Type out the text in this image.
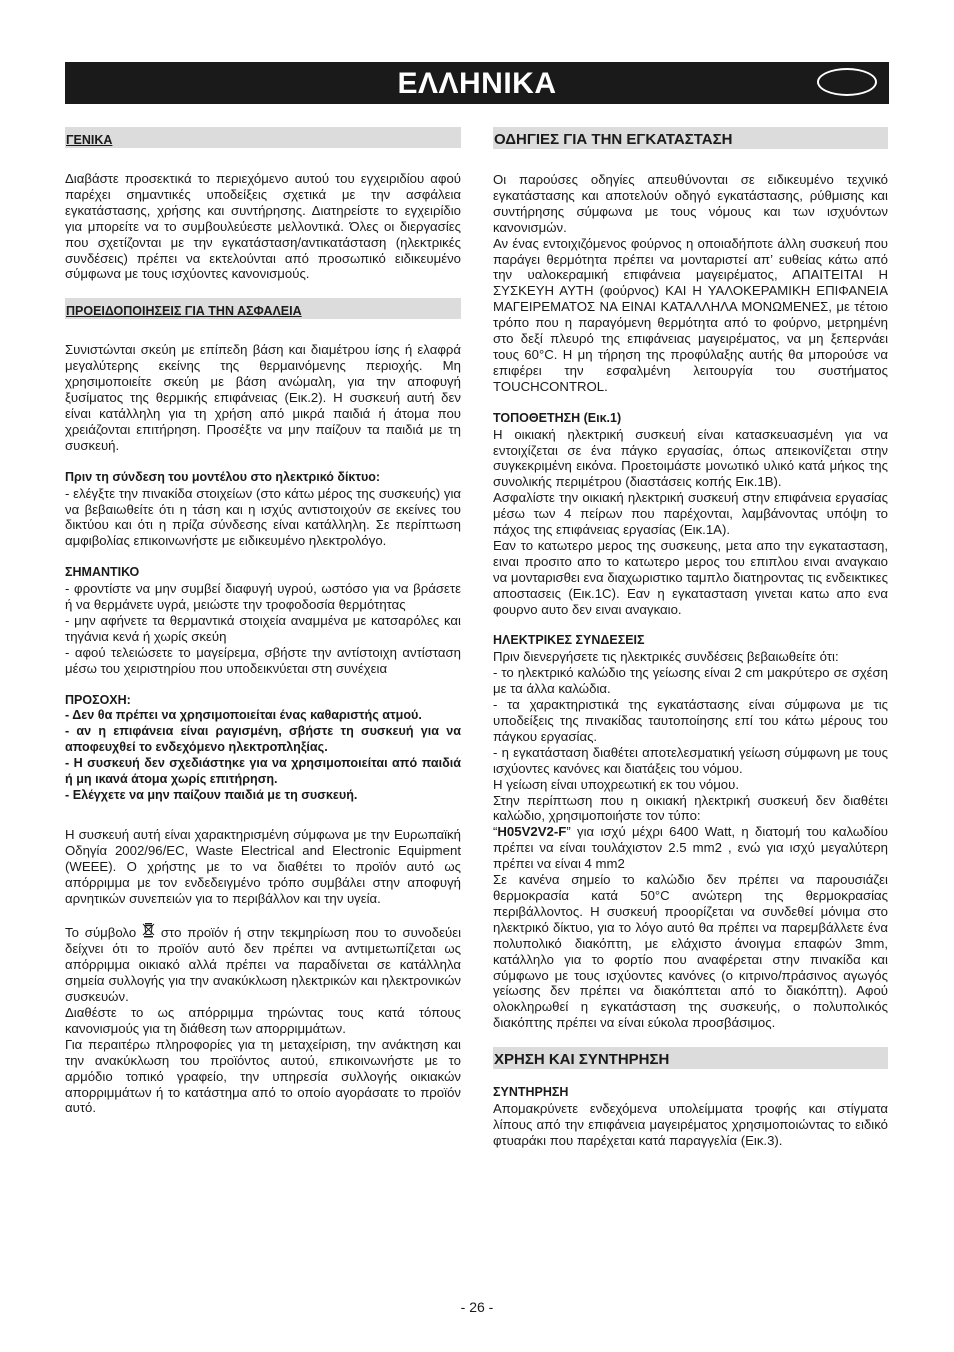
ΕΛΛΗΝΙΚΑ
ΓΕΝΙΚΑ

Διαβάστε προσεκτικά το περιεχόμενο αυτού του εγχειριδίου αφού παρέχει σημαντικές υποδείξεις σχετικά με την ασφάλεια εγκατάστασης, χρήσης και συντήρησης. Διατηρείστε το εγχειρίδιο για μπορείτε να το συμβουλεύεστε μελλοντικά. Όλες οι διεργασίες που σχετίζονται με την εγκατάσταση/αντικατάσταση (ηλεκτρικές συνδέσεις) πρέπει να εκτελούνται από προσωπικό ειδικευμένο σύμφωνα με τους ισχύοντες κανονισμούς.

ΠΡΟΕΙΔΟΠΟΙΗΣΕΙΣ ΓΙΑ ΤΗΝ ΑΣΦΑΛΕΙΑ

Συνιστώνται σκεύη με επίπεδη βάση και διαμέτρου ίσης ή ελαφρά μεγαλύτερης εκείνης της θερμαινόμενης περιοχής. Μη χρησιμοποιείτε σκεύη με βάση ανώμαλη, για την αποφυγή ξυσίματος της θερμικής επιφάνειας (Εικ.2). Η συσκευή αυτή δεν είναι κατάλληλη για τη χρήση από μικρά παιδιά ή άτομα που χρειάζονται επιτήρηση. Προσέξτε να μην παίζουν τα παιδιά με τη συσκευή.

Πριν τη σύνδεση του μοντέλου στο ηλεκτρικό δίκτυο:

- ελέγξτε την πινακίδα στοιχείων (στο κάτω μέρος της συσκευής) για να βεβαιωθείτε ότι η τάση και η ισχύς αντιστοιχούν σε εκείνες του δικτύου και ότι η πρίζα σύνδεσης είναι κατάλληλη. Σε περίπτωση αμφιβολίας επικοινωνήστε με ειδικευμένο ηλεκτρολόγο.

ΣΗΜΑΝΤΙΚΟ

- φροντίστε να μην συμβεί διαφυγή υγρού, ωστόσο για να βράσετε ή να θερμάνετε υγρά, μειώστε την τροφοδοσία θερμότητας

- μην αφήνετε τα θερμαντικά στοιχεία αναμμένα με κατσαρόλες και τηγάνια κενά ή χωρίς σκεύη

- αφού τελειώσετε το μαγείρεμα, σβήστε την αντίστοιχη αντίσταση μέσω του χειριστηρίου που υποδεικνύεται στη συνέχεια

ΠΡΟΣΟΧΗ:

- Δεν θα πρέπει να χρησιμοποιείται ένας καθαριστής ατμού.

- αν η επιφάνεια είναι ραγισμένη, σβήστε τη συσκευή για να αποφευχθεί το ενδεχόμενο ηλεκτροπληξίας.

- Η συσκευή δεν σχεδιάστηκε για να χρησιμοποιείται από παιδιά ή μη ικανά άτομα χωρίς επιτήρηση.

- Ελέγχετε να μην παίζουν παιδιά με τη συσκευή.

Η συσκευή αυτή είναι χαρακτηρισμένη σύμφωνα με την Ευρωπαϊκή Οδηγία 2002/96/EC, Waste Electrical and Electronic Equipment (WEEE). Ο χρήστης με το να διαθέτει το προϊόν αυτό ως απόρριμμα με τον ενδεδειγμένο τρόπο συμβάλει στην αποφυγή αρνητικών συνεπειών για το περιβάλλον και την υγεία.

Το σύμβολο στο προϊόν ή στην τεκμηρίωση που το συνοδεύει δείχνει ότι το προϊόν αυτό δεν πρέπει να αντιμετωπίζεται ως απόρριμμα οικιακό αλλά πρέπει να παραδίνεται σε κατάλληλα σημεία συλλογής για την ανακύκλωση ηλεκτρικών και ηλεκτρονικών συσκευών.

Διαθέστε το ως απόρριμμα τηρώντας τους κατά τόπους κανονισμούς για τη διάθεση των απορριμμάτων.

Για περαιτέρω πληροφορίες για τη μεταχείριση, την ανάκτηση και την ανακύκλωση του προϊόντος αυτού, επικοινωνήστε με το αρμόδιο τοπικό γραφείο, την υπηρεσία συλλογής οικιακών απορριμμάτων ή το κατάστημα από το οποίο αγοράσατε το προϊόν αυτό.

ΟΔΗΓΙΕΣ ΓΙΑ ΤΗΝ ΕΓΚΑΤΑΣΤΑΣΗ

Οι παρούσες οδηγίες απευθύνονται σε ειδικευμένο τεχνικό εγκατάστασης και αποτελούν οδηγό εγκατάστασης, ρύθμισης και συντήρησης σύμφωνα με τους νόμους και των ισχυόντων κανονισμών.

Αν ένας εντοιχιζόμενος φούρνος η οποιαδήποτε άλλη συσκευή που παράγει θερμότητα πρέπει να μονταριστεί απ’ ευθείας κάτω από την υαλοκεραμική επιφάνεια μαγειρέματος, ΑΠΑΙΤΕΙΤΑΙ Η ΣΥΣΚΕΥΗ ΑΥΤΗ (φούρνος) ΚΑΙ Η ΥΑΛΟΚΕΡΑΜΙΚΗ ΕΠΙΦΑΝΕΙΑ ΜΑΓΕΙΡΕΜΑΤΟΣ ΝΑ ΕΙΝΑΙ ΚΑΤΑΛΛΗΛΑ ΜΟΝΩΜΕΝΕΣ, με τέτοιο τρόπο που η παραγόμενη θερμότητα από το φούρνο, μετρημένη στο δεξί πλευρό της επιφάνειας μαγειρέματος, να μη ξεπερνάει τους 60°C. Η μη τήρηση της προφύλαξης αυτής θα μπορούσε να επιφέρει την εσφαλμένη λειτουργία του συστήματος TOUCHCONTROL.

ΤΟΠΟΘΕΤΗΣΗ (Εικ.1)

Η οικιακή ηλεκτρική συσκευή είναι κατασκευασμένη για να εντοιχίζεται σε ένα πάγκο εργασίας, όπως απεικονίζεται στην συγκεκριμένη εικόνα. Προετοιμάστε μονωτικό υλικό κατά μήκος της συνολικής περιμέτρου (διαστάσεις κοπής Εικ.1Β).

Ασφαλίστε την οικιακή ηλεκτρική συσκευή στην επιφάνεια εργασίας μέσω των 4 πείρων που παρέχονται, λαμβάνοντας υπόψη το πάχος της επιφάνειας εργασίας (Εικ.1Α).

Εαν το κατωτερο μερος της συσκευης, μετα απο την εγκατασταση, ειναι προσιτο απο το κατωτερο μερος του επιπλου ειναι αναγκαιο να μονταρισθει ενα διαχωριστικο ταμπλο διατηρoντας τις ενδεικτικες αποστασεις (Εικ.1C). Εαν η εγκατασταση γινεται κατω απο ενα φουρνο αυτο δεν ειναι αναγκαιο.

ΗΛΕΚΤΡΙΚΕΣ ΣΥΝΔΕΣΕΙΣ

Πριν διενεργήσετε τις ηλεκτρικές συνδέσεις βεβαιωθείτε ότι:

- το ηλεκτρικό καλώδιο της γείωσης είναι 2 cm μακρύτερο σε σχέση με τα άλλα καλώδια.

- τα χαρακτηριστικά της εγκατάστασης είναι σύμφωνα με τις υποδείξεις της πινακίδας ταυτοποίησης επί του κάτω μέρους του πάγκου εργασίας.

- η εγκατάσταση διαθέτει αποτελεσματική γείωση σύμφωνη με τους ισχύοντες κανόνες και διατάξεις του νόμου.

Η γείωση είναι υποχρεωτική εκ του νόμου.

Στην περίπτωση που η οικιακή ηλεκτρική συσκευή δεν διαθέτει καλώδιο, χρησιμοποιήστε τον τύπο:

“H05V2V2-F” για ισχύ μέχρι 6400 Watt, η διατομή του καλωδίου πρέπει να είναι τουλάχιστον 2.5 mm2 , ενώ για ισχύ μεγαλύτερη πρέπει να είναι 4 mm2

Σε κανένα σημείο το καλώδιο δεν πρέπει να παρουσιάζει θερμοκρασία κατά 50°C ανώτερη της θερμοκρασίας περιβάλλοντος. Η συσκευή προορίζεται να συνδεθεί μόνιμα στο ηλεκτρικό δίκτυο, για το λόγο αυτό θα πρέπει να παρεμβάλλετε ένα πολυπολικό διακόπτη, με ελάχιστο άνοιγμα επαφών 3mm, κατάλληλο για το φορτίο που αναφέρεται στην πινακίδα και σύμφωνο με τους ισχύοντες κανόνες (ο κιτρινο/πράσινος αγωγός γείωσης δεν πρέπει να διακόπτεται από το διακόπτη). Αφού ολοκληρωθεί η εγκατάσταση της συσκευής, ο πολυπολικός διακόπτης πρέπει να είναι εύκολα προσβάσιμος.

ΧΡΗΣΗ ΚΑΙ ΣΥΝΤΗΡΗΣΗ
ΣΥΝΤΗΡΗΣΗ

Απομακρύνετε ενδεχόμενα υπολείμματα τροφής και στίγματα λίπους από την επιφάνεια μαγειρέματος χρησιμοποιώντας το ειδικό φτυαράκι που παρέχεται κατά παραγγελία (Εικ.3).

- 26 -
